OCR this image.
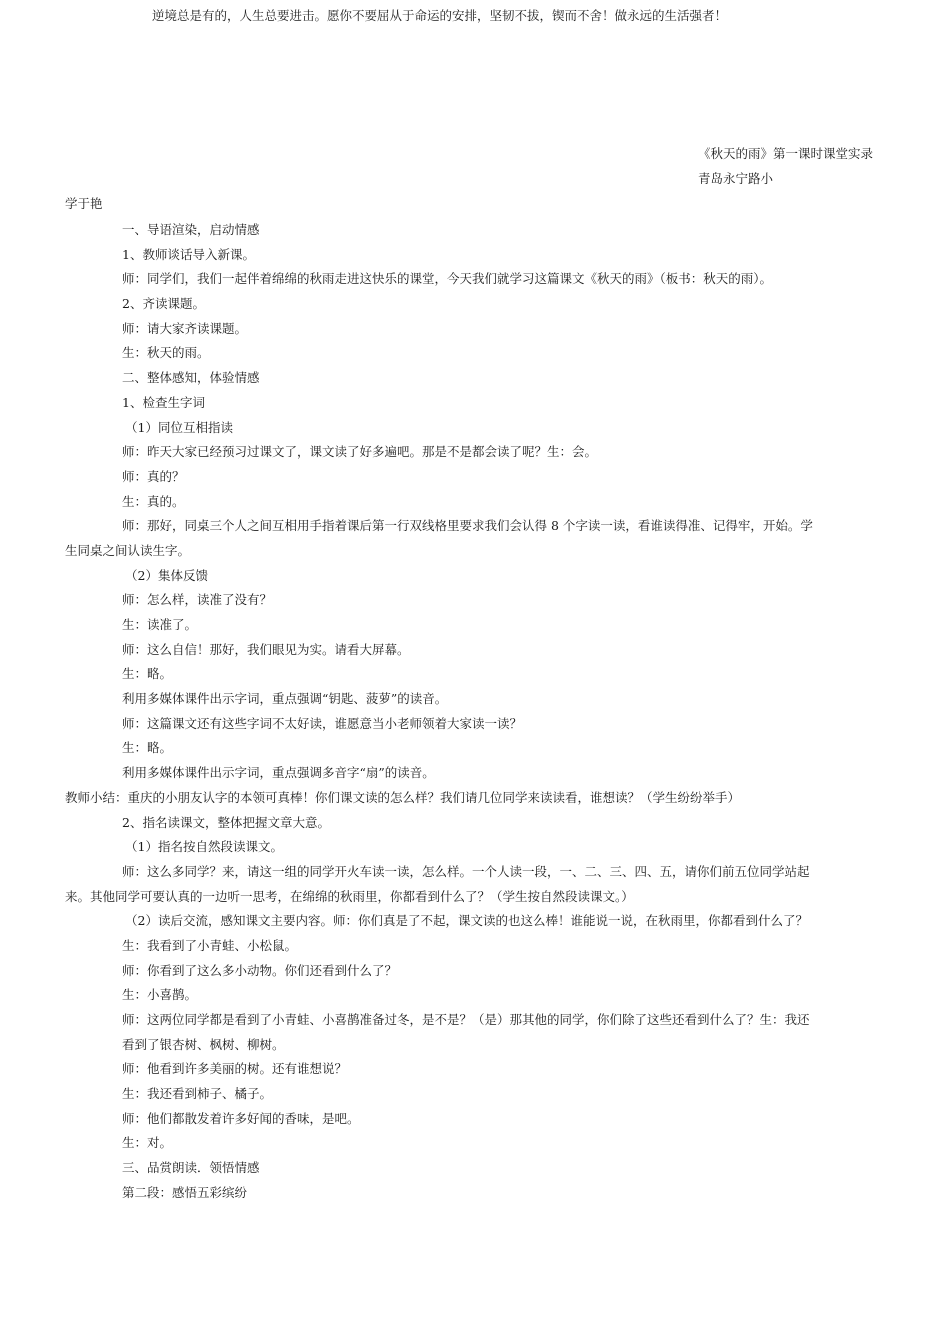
逆境总是有的，人生总要进击。愿你不要屈从于命运的安排，坚韧不拔，锲而不舍！做永远的生活强者！
《秋天的雨》第一课时课堂实录
青岛永宁路小
学于艳
一、导语渲染，启动情感
1、教师谈话导入新课。
师：同学们，我们一起伴着绵绵的秋雨走进这快乐的课堂，今天我们就学习这篇课文《秋天的雨》（板书：秋天的雨）。
2、齐读课题。
师：请大家齐读课题。
生：秋天的雨。
二、整体感知，体验情感
1、检查生字词
（1）同位互相指读
师：昨天大家已经预习过课文了，课文读了好多遍吧。那是不是都会读了呢？生：会。
师：真的？
生：真的。
师：那好，同桌三个人之间互相用手指着课后第一行双线格里要求我们会认得 8 个字读一读，看谁读得准、记得牢，开始。学
生同桌之间认读生字。
（2）集体反馈
师：怎么样，读准了没有？
生：读准了。
师：这么自信！那好，我们眼见为实。请看大屏幕。
生：略。
利用多媒体课件出示字词，重点强调“钥匙、菠萝”的读音。
师：这篇课文还有这些字词不太好读，谁愿意当小老师领着大家读一读？
生：略。
利用多媒体课件出示字词，重点强调多音字“扇”的读音。
教师小结：重庆的小朋友认字的本领可真棒！你们课文读的怎么样？我们请几位同学来读读看，谁想读？（学生纷纷举手）
2、指名读课文，整体把握文章大意。
（1）指名按自然段读课文。
师：这么多同学？来，请这一组的同学开火车读一读，怎么样。一个人读一段，一、二、三、四、五，请你们前五位同学站起
来。其他同学可要认真的一边听一思考，在绵绵的秋雨里，你都看到什么了？（学生按自然段读课文。）
（2）读后交流，感知课文主要内容。师：你们真是了不起，课文读的也这么棒！谁能说一说，在秋雨里，你都看到什么了？
生：我看到了小青蛙、小松鼠。
师：你看到了这么多小动物。你们还看到什么了？
生：小喜鹊。
师：这两位同学都是看到了小青蛙、小喜鹊准备过冬，是不是？（是）那其他的同学，你们除了这些还看到什么了？生：我还
看到了银杏树、枫树、柳树。
师：他看到许多美丽的树。还有谁想说？
生：我还看到柿子、橘子。
师：他们都散发着许多好闻的香味，是吧。
生：对。
三、品赏朗读．领悟情感
第二段：感悟五彩缤纷
